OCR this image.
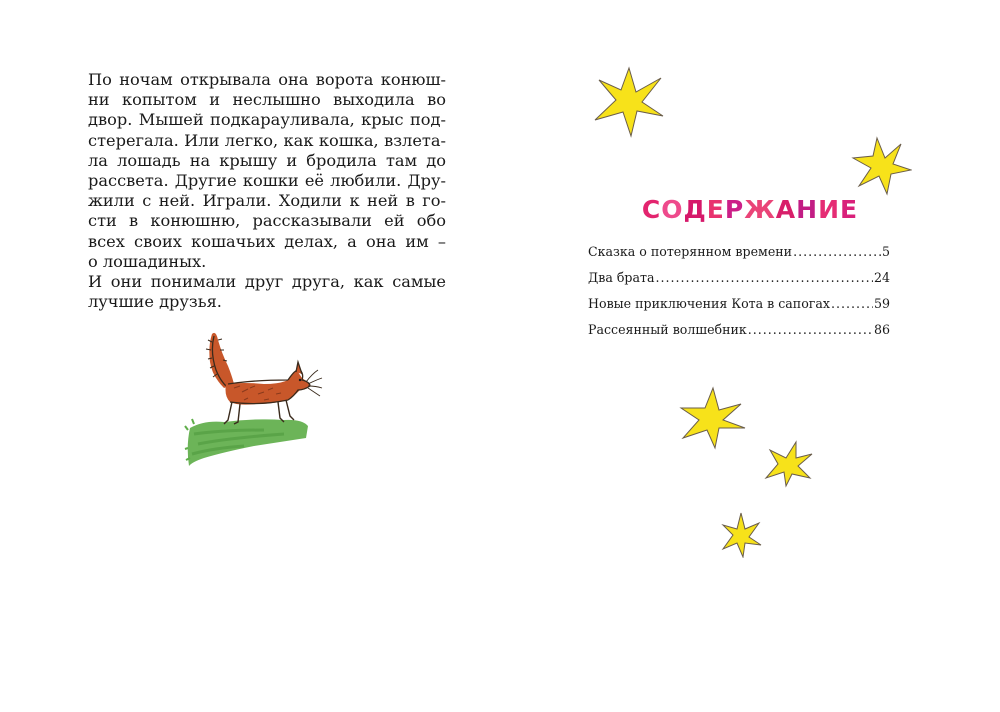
По ночам открывала она ворота конюш-
ни копытом и неслышно выходила во
двор. Мышей подкарауливала, крыс под-
стерегала. Или легко, как кошка, взлета-
ла лошадь на крышу и бродила там до
рассвета. Другие кошки её любили. Дру-
жили с ней. Играли. Ходили к ней в го-
сти в конюшню, рассказывали ей обо
всех своих кошачьих делах, а она им –
о лошадиных.
И они понимали друг друга, как самые
лучшие друзья.
СОДЕРЖАНИЕ
Сказка о потерянном времени .....	5
Два брата .....	24
Новые приключения Кота в сапогах .....	59
Рассеянный волшебник .....	86
